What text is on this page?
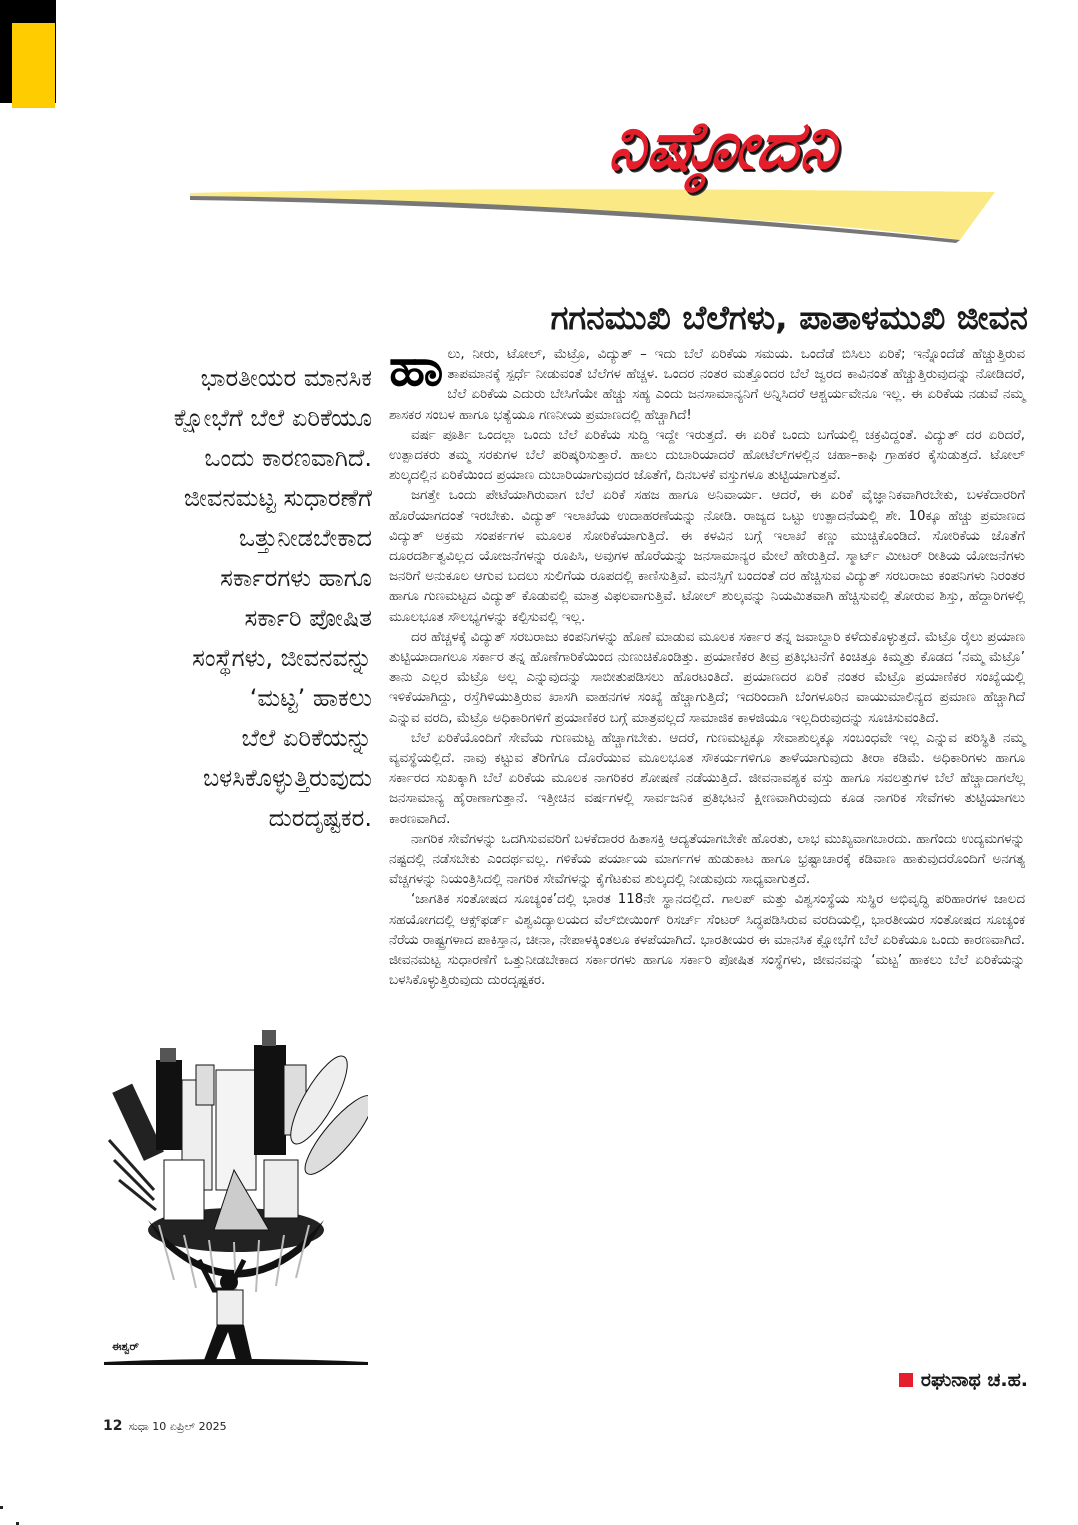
ನಿಷ್ಠೋದನಿ
ಗಗನಮುಖಿ ಬೆಲೆಗಳು, ಪಾತಾಳಮುಖಿ ಜೀವನ
ಭಾರತೀಯರ ಮಾನಸಿಕ
ಕ್ಷೋಭೆಗೆ ಬೆಲೆ ಏರಿಕೆಯೂ
ಒಂದು ಕಾರಣವಾಗಿದೆ.
ಜೀವನಮಟ್ಟ ಸುಧಾರಣೆಗೆ
ಒತ್ತುನೀಡಬೇಕಾದ
ಸರ್ಕಾರಗಳು ಹಾಗೂ
ಸರ್ಕಾರಿ ಪೋಷಿತ
ಸಂಸ್ಥೆಗಳು, ಜೀವನವನ್ನು
‘ಮಟ್ಟ’ ಹಾಕಲು
ಬೆಲೆ ಏರಿಕೆಯನ್ನು
ಬಳಸಿಕೊಳ್ಳುತ್ತಿರುವುದು
ದುರದೃಷ್ಟಕರ.

ಹಾಲು, ನೀರು, ಟೋಲ್, ಮೆಟ್ರೊ, ವಿದ್ಯುತ್ – ಇದು ಬೆಲೆ ಏರಿಕೆಯ ಸಮಯ. ಒಂದೆಡೆ ಬಿಸಿಲು ಏರಿಕೆ; ಇನ್ನೊಂದೆಡೆ ಹೆಚ್ಚುತ್ತಿರುವ ತಾಪಮಾನಕ್ಕೆ ಸ್ಪರ್ಧೆ ನೀಡುವಂತೆ ಬೆಲೆಗಳ ಹೆಚ್ಚಳ. ಒಂದರ ನಂತರ ಮತ್ತೊಂದರ ಬೆಲೆ ಜ್ವರದ ಕಾವಿನಂತೆ ಹೆಚ್ಚುತ್ತಿರುವುದನ್ನು ನೋಡಿದರೆ, ಬೆಲೆ ಏರಿಕೆಯ ಎದುರು ಬೇಸಿಗೆಯೇ ಹೆಚ್ಚು ಸಹ್ಯ ಎಂದು ಜನಸಾಮಾನ್ಯನಿಗೆ ಅನ್ನಿಸಿದರೆ ಆಶ್ಚರ್ಯವೇನೂ ಇಲ್ಲ. ಈ ಏರಿಕೆಯ ನಡುವೆ ನಮ್ಮ ಶಾಸಕರ ಸಂಬಳ ಹಾಗೂ ಭತ್ಯೆಯೂ ಗಣನೀಯ ಪ್ರಮಾಣದಲ್ಲಿ ಹೆಚ್ಚಾಗಿದೆ!

ವರ್ಷ ಪೂರ್ತಿ ಒಂದಲ್ಲಾ ಒಂದು ಬೆಲೆ ಏರಿಕೆಯ ಸುದ್ದಿ ಇದ್ದೇ ಇರುತ್ತದೆ. ಈ ಏರಿಕೆ ಒಂದು ಬಗೆಯಲ್ಲಿ ಚಕ್ರವಿದ್ದಂತೆ. ವಿದ್ಯುತ್ ದರ ಏರಿದರೆ, ಉತ್ಪಾದಕರು ತಮ್ಮ ಸರಕುಗಳ ಬೆಲೆ ಪರಿಷ್ಕರಿಸುತ್ತಾರೆ. ಹಾಲು ದುಬಾರಿಯಾದರೆ ಹೋಟೆಲ್‌ಗಳಲ್ಲಿನ ಚಹಾ–ಕಾಫಿ ಗ್ರಾಹಕರ ಕೈಸುಡುತ್ತದೆ. ಟೋಲ್ ಶುಲ್ಕದಲ್ಲಿನ ಏರಿಕೆಯಿಂದ ಪ್ರಯಾಣ ದುಬಾರಿಯಾಗುವುದರ ಜೊತೆಗೆ, ದಿನಬಳಕೆ ವಸ್ತುಗಳೂ ತುಟ್ಟಿಯಾಗುತ್ತವೆ.

ಜಗತ್ತೇ ಒಂದು ಪೇಟೆಯಾಗಿರುವಾಗ ಬೆಲೆ ಏರಿಕೆ ಸಹಜ ಹಾಗೂ ಅನಿವಾರ್ಯ. ಆದರೆ, ಈ ಏರಿಕೆ ವೈಜ್ಞಾನಿಕವಾಗಿರಬೇಕು, ಬಳಕೆದಾರರಿಗೆ ಹೊರೆಯಾಗದಂತೆ ಇರಬೇಕು. ವಿದ್ಯುತ್ ಇಲಾಖೆಯ ಉದಾಹರಣೆಯನ್ನು ನೋಡಿ. ರಾಜ್ಯದ ಒಟ್ಟು ಉತ್ಪಾದನೆಯಲ್ಲಿ ಶೇ. 10ಕ್ಕೂ ಹೆಚ್ಚು ಪ್ರಮಾಣದ ವಿದ್ಯುತ್ ಅಕ್ರಮ ಸಂಪರ್ಕಗಳ ಮೂಲಕ ಸೋರಿಕೆಯಾಗುತ್ತಿದೆ. ಈ ಕಳವಿನ ಬಗ್ಗೆ ಇಲಾಖೆ ಕಣ್ಣು ಮುಚ್ಚಿಕೊಂಡಿದೆ. ಸೋರಿಕೆಯ ಜೊತೆಗೆ ದೂರದರ್ಶಿತ್ವವಿಲ್ಲದ ಯೋಜನೆಗಳನ್ನು ರೂಪಿಸಿ, ಅವುಗಳ ಹೊರೆಯನ್ನು ಜನಸಾಮಾನ್ಯರ ಮೇಲೆ ಹೇರುತ್ತಿದೆ. ಸ್ಮಾರ್ಟ್ ಮೀಟರ್ ರೀತಿಯ ಯೋಜನೆಗಳು ಜನರಿಗೆ ಅನುಕೂಲ ಆಗುವ ಬದಲು ಸುಲಿಗೆಯ ರೂಪದಲ್ಲಿ ಕಾಣಿಸುತ್ತಿವೆ. ಮನಸ್ಸಿಗೆ ಬಂದಂತೆ ದರ ಹೆಚ್ಚಿಸುವ ವಿದ್ಯುತ್ ಸರಬರಾಜು ಕಂಪನಿಗಳು ನಿರಂತರ ಹಾಗೂ ಗುಣಮಟ್ಟದ ವಿದ್ಯುತ್ ಕೊಡುವಲ್ಲಿ ಮಾತ್ರ ವಿಫಲವಾಗುತ್ತಿವೆ. ಟೋಲ್ ಶುಲ್ಕವನ್ನು ನಿಯಮಿತವಾಗಿ ಹೆಚ್ಚಿಸುವಲ್ಲಿ ತೋರುವ ಶಿಸ್ತು, ಹೆದ್ದಾರಿಗಳಲ್ಲಿ ಮೂಲಭೂತ ಸೌಲಭ್ಯಗಳನ್ನು ಕಲ್ಪಿಸುವಲ್ಲಿ ಇಲ್ಲ.

ದರ ಹೆಚ್ಚಳಕ್ಕೆ ವಿದ್ಯುತ್ ಸರಬರಾಜು ಕಂಪನಿಗಳನ್ನು ಹೊಣೆ ಮಾಡುವ ಮೂಲಕ ಸರ್ಕಾರ ತನ್ನ ಜವಾಬ್ದಾರಿ ಕಳೆದುಕೊಳ್ಳುತ್ತದೆ. ಮೆಟ್ರೊ ರೈಲು ಪ್ರಯಾಣ ತುಟ್ಟಿಯಾದಾಗಲೂ ಸರ್ಕಾರ ತನ್ನ ಹೊಣೆಗಾರಿಕೆಯಿಂದ ನುಣುಚಿಕೊಂಡಿತ್ತು. ಪ್ರಯಾಣಿಕರ ತೀವ್ರ ಪ್ರತಿಭಟನೆಗೆ ಕಿಂಚಿತ್ತೂ ಕಿಮ್ಮತ್ತು ಕೊಡದ ‘ನಮ್ಮ ಮೆಟ್ರೊ’ ತಾನು ಎಲ್ಲರ ಮೆಟ್ರೊ ಅಲ್ಲ ಎನ್ನುವುದನ್ನು ಸಾಬೀತುಪಡಿಸಲು ಹೊರಟಂತಿದೆ. ಪ್ರಯಾಣದರ ಏರಿಕೆ ನಂತರ ಮೆಟ್ರೊ ಪ್ರಯಾಣಿಕರ ಸಂಖ್ಯೆಯಲ್ಲಿ ಇಳಿಕೆಯಾಗಿದ್ದು, ರಸ್ತೆಗಿಳಿಯುತ್ತಿರುವ ಖಾಸಗಿ ವಾಹನಗಳ ಸಂಖ್ಯೆ ಹೆಚ್ಚಾಗುತ್ತಿದೆ; ಇದರಿಂದಾಗಿ ಬೆಂಗಳೂರಿನ ವಾಯುಮಾಲಿನ್ಯದ ಪ್ರಮಾಣ ಹೆಚ್ಚಾಗಿದೆ ಎನ್ನುವ ವರದಿ, ಮೆಟ್ರೊ ಅಧಿಕಾರಿಗಳಿಗೆ ಪ್ರಯಾಣಿಕರ ಬಗ್ಗೆ ಮಾತ್ರವಲ್ಲದೆ ಸಾಮಾಜಿಕ ಕಾಳಜಿಯೂ ಇಲ್ಲದಿರುವುದನ್ನು ಸೂಚಿಸುವಂತಿದೆ.

ಬೆಲೆ ಏರಿಕೆಯೊಂದಿಗೆ ಸೇವೆಯ ಗುಣಮಟ್ಟ ಹೆಚ್ಚಾಗಬೇಕು. ಆದರೆ, ಗುಣಮಟ್ಟಕ್ಕೂ ಸೇವಾಶುಲ್ಕಕ್ಕೂ ಸಂಬಂಧವೇ ಇಲ್ಲ ಎನ್ನುವ ಪರಿಸ್ಥಿತಿ ನಮ್ಮ ವ್ಯವಸ್ಥೆಯಲ್ಲಿದೆ. ನಾವು ಕಟ್ಟುವ ತೆರಿಗೆಗೂ ದೊರೆಯುವ ಮೂಲಭೂತ ಸೌಕರ್ಯಗಳಿಗೂ ತಾಳೆಯಾಗುವುದು ತೀರಾ ಕಡಿಮೆ. ಅಧಿಕಾರಿಗಳು ಹಾಗೂ ಸರ್ಕಾರದ ಸುಖಕ್ಕಾಗಿ ಬೆಲೆ ಏರಿಕೆಯ ಮೂಲಕ ನಾಗರಿಕರ ಶೋಷಣೆ ನಡೆಯುತ್ತಿದೆ. ಜೀವನಾವಶ್ಯಕ ವಸ್ತು ಹಾಗೂ ಸವಲತ್ತುಗಳ ಬೆಲೆ ಹೆಚ್ಚಾದಾಗಲೆಲ್ಲ ಜನಸಾಮಾನ್ಯ ಹೈರಾಣಾಗುತ್ತಾನೆ. ಇತ್ತೀಚಿನ ವರ್ಷಗಳಲ್ಲಿ ಸಾರ್ವಜನಿಕ ಪ್ರತಿಭಟನೆ ಕ್ಷೀಣವಾಗಿರುವುದು ಕೂಡ ನಾಗರಿಕ ಸೇವೆಗಳು ತುಟ್ಟಿಯಾಗಲು ಕಾರಣವಾಗಿದೆ.

ನಾಗರಿಕ ಸೇವೆಗಳನ್ನು ಒದಗಿಸುವವರಿಗೆ ಬಳಕೆದಾರರ ಹಿತಾಸಕ್ತಿ ಆದ್ಯತೆಯಾಗಬೇಕೇ ಹೊರತು, ಲಾಭ ಮುಖ್ಯವಾಗಬಾರದು. ಹಾಗೆಂದು ಉದ್ಯಮಗಳನ್ನು ನಷ್ಟದಲ್ಲಿ ನಡೆಸಬೇಕು ಎಂದರ್ಥವಲ್ಲ. ಗಳಿಕೆಯ ಪರ್ಯಾಯ ಮಾರ್ಗಗಳ ಹುಡುಕಾಟ ಹಾಗೂ ಭ್ರಷ್ಟಾಚಾರಕ್ಕೆ ಕಡಿವಾಣ ಹಾಕುವುದರೊಂದಿಗೆ ಅನಗತ್ಯ ವೆಚ್ಚಗಳನ್ನು ನಿಯಂತ್ರಿಸಿದಲ್ಲಿ ನಾಗರಿಕ ಸೇವೆಗಳನ್ನು ಕೈಗೆಟಕುವ ಶುಲ್ಕದಲ್ಲಿ ನೀಡುವುದು ಸಾಧ್ಯವಾಗುತ್ತದೆ.

‘ಜಾಗತಿಕ ಸಂತೋಷದ ಸೂಚ್ಯಂಕ’ದಲ್ಲಿ ಭಾರತ 118ನೇ ಸ್ಥಾನದಲ್ಲಿದೆ. ಗಾಲಪ್ ಮತ್ತು ವಿಶ್ವಸಂಸ್ಥೆಯ ಸುಸ್ಥಿರ ಅಭಿವೃದ್ಧಿ ಪರಿಹಾರಗಳ ಜಾಲದ ಸಹಯೋಗದಲ್ಲಿ ಆಕ್ಸ್‌ಫರ್ಡ್ ವಿಶ್ವವಿದ್ಯಾಲಯದ ವೆಲ್‌ಬೀಯಿಂಗ್ ರಿಸರ್ಚ್ ಸೆಂಟರ್ ಸಿದ್ಧಪಡಿಸಿರುವ ವರದಿಯಲ್ಲಿ, ಭಾರತೀಯರ ಸಂತೋಷದ ಸೂಚ್ಯಂಕ ನೆರೆಯ ರಾಷ್ಟ್ರಗಳಾದ ಪಾಕಿಸ್ತಾನ, ಚೀನಾ, ನೇಪಾಳಕ್ಕಿಂತಲೂ ಕಳಪೆಯಾಗಿದೆ. ಭಾರತೀಯರ ಈ ಮಾನಸಿಕ ಕ್ಷೋಭೆಗೆ ಬೆಲೆ ಏರಿಕೆಯೂ ಒಂದು ಕಾರಣವಾಗಿದೆ. ಜೀವನಮಟ್ಟ ಸುಧಾರಣೆಗೆ ಒತ್ತುನೀಡಬೇಕಾದ ಸರ್ಕಾರಗಳು ಹಾಗೂ ಸರ್ಕಾರಿ ಪೋಷಿತ ಸಂಸ್ಥೆಗಳು, ಜೀವನವನ್ನು ‘ಮಟ್ಟ’ ಹಾಕಲು ಬೆಲೆ ಏರಿಕೆಯನ್ನು ಬಳಸಿಕೊಳ್ಳುತ್ತಿರುವುದು ದುರದೃಷ್ಟಕರ.

ರಘುನಾಥ ಚ.ಹ.
ಈಶ್ವರ್
12 ಸುಧಾ 10 ಏಪ್ರಿಲ್ 2025
